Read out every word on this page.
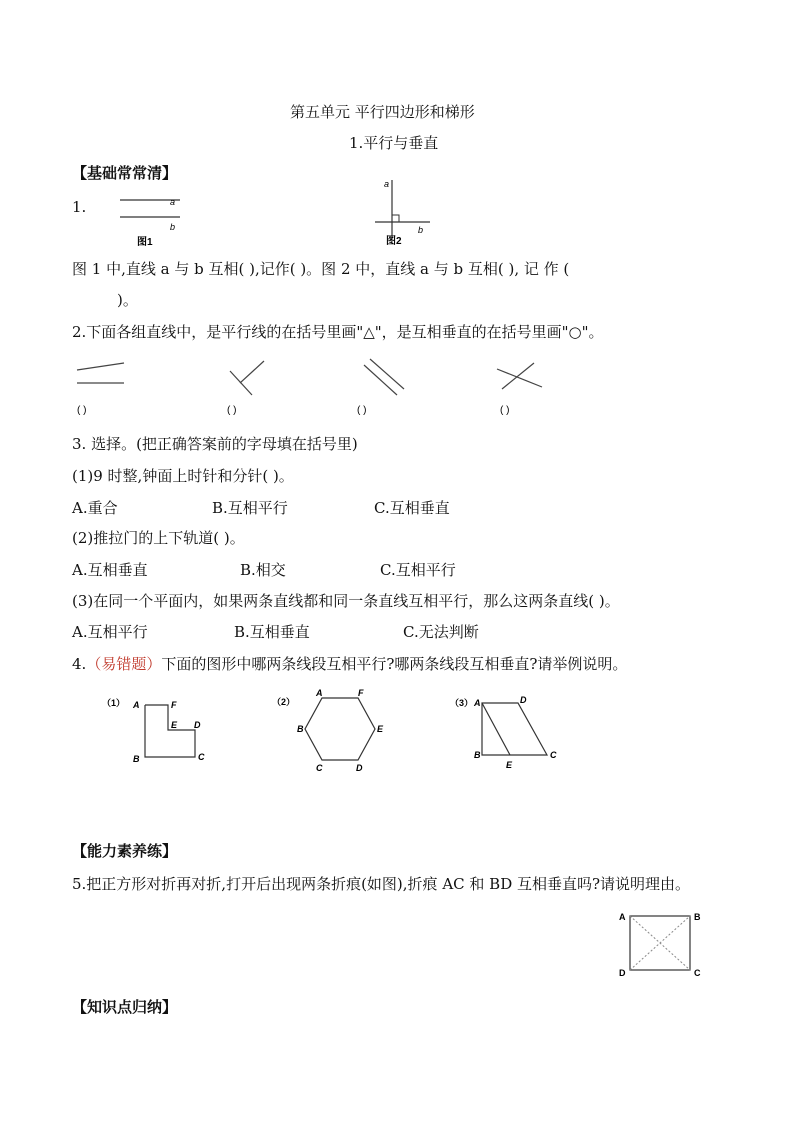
第五单元 平行四边形和梯形
1.平行与垂直
【基础常常清】
1.	a
b
图1
a
b
图2
图 1 中,直线 a 与 b 互相( ),记作( )。图 2 中，直线 a 与 b 互相( ), 记 作 (
)。
2.下面各组直线中，是平行线的在括号里画"△"，是互相垂直的在括号里画"○"。
( )	( )	( )	( )
3. 选择。(把正确答案前的字母填在括号里)
(1)9 时整,钟面上时针和分针( )。
A.重合	B.互相平行	C.互相垂直
(2)推拉门的上下轨道( )。
A.互相垂直	B.相交	C.互相平行
(3)在同一个平面内，如果两条直线都和同一条直线互相平行，那么这两条直线( )。
A.互相平行	B.互相垂直	C.无法判断
4.（易错题）下面的图形中哪两条线段互相平行?哪两条线段互相垂直?请举例说明。
（1） A	F
E D
B	C
（2）
A	F
B	E
C	D
（3） A	D
B
E
C
【能力素养练】
5.把正方形对折再对折,打开后出现两条折痕(如图),折痕 AC 和 BD 互相垂直吗?请说明理由。
A	B
C
D
【知识点归纳】
